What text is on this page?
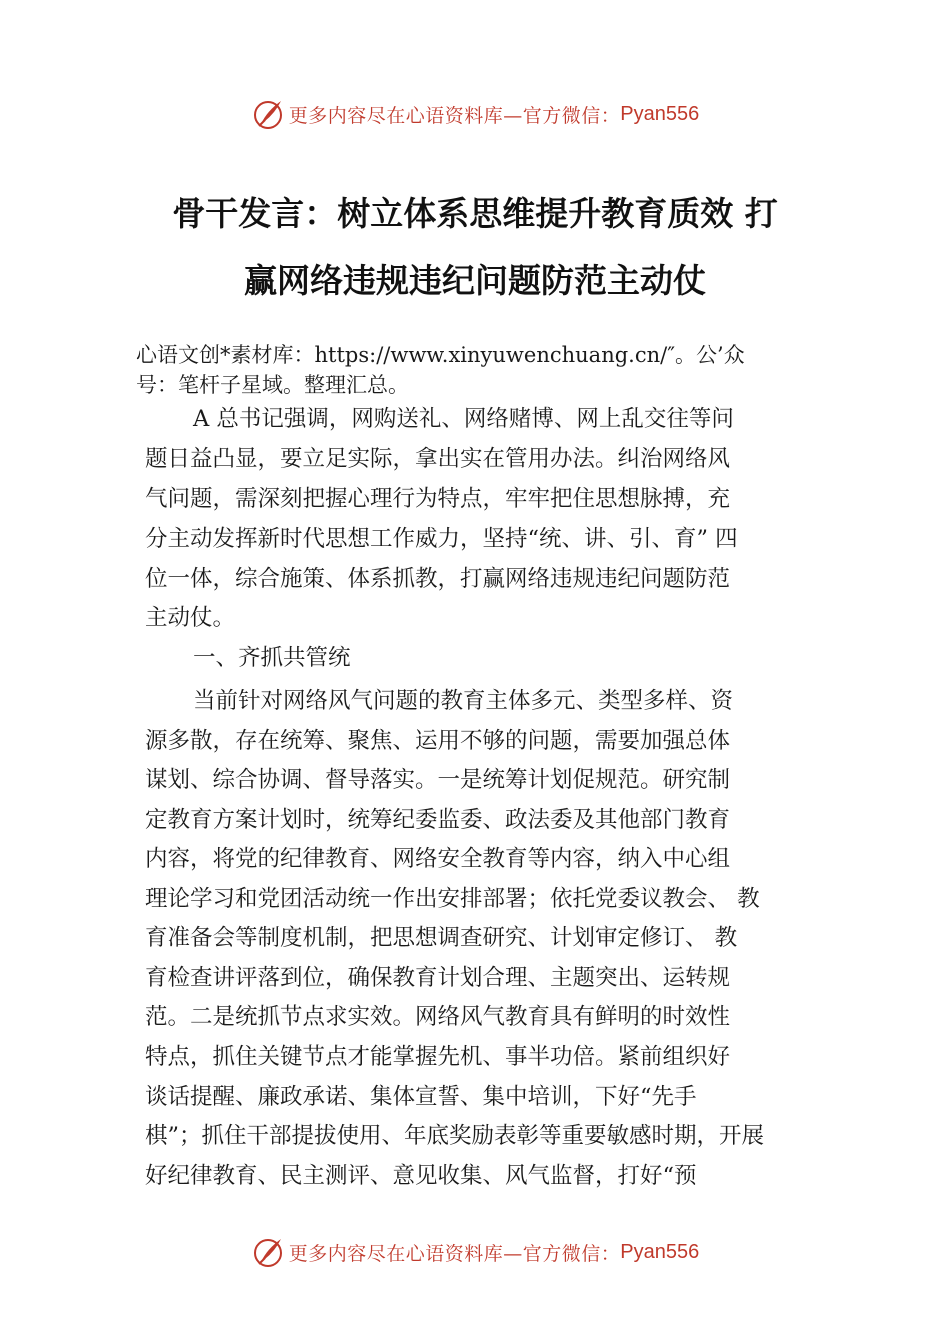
更多内容尽在心语资料库—官方微信： Pyan556
骨干发言：树立体系思维提升教育质效 打
赢网络违规违纪问题防范主动仗
心语文创*素材库：https://www.xinyuwenchuang.cn/″。公’众
号：笔杆子星域。整理汇总。
A 总书记强调，网购送礼、网络赌博、网上乱交往等问
题日益凸显，要立足实际，拿出实在管用办法。纠治网络风
气问题，需深刻把握心理行为特点，牢牢把住思想脉搏，充
分主动发挥新时代思想工作威力，坚持“统、讲、引、育” 四
位一体，综合施策、体系抓教，打赢网络违规违纪问题防范
主动仗。
一、齐抓共管统
当前针对网络风气问题的教育主体多元、类型多样、资
源多散，存在统筹、聚焦、运用不够的问题，需要加强总体
谋划、综合协调、督导落实。一是统筹计划促规范。研究制
定教育方案计划时，统筹纪委监委、政法委及其他部门教育
内容，将党的纪律教育、网络安全教育等内容，纳入中心组
理论学习和党团活动统一作出安排部署；依托党委议教会、 教
育准备会等制度机制，把思想调查研究、计划审定修订、 教
育检查讲评落到位，确保教育计划合理、主题突出、运转规
范。二是统抓节点求实效。网络风气教育具有鲜明的时效性
特点，抓住关键节点才能掌握先机、事半功倍。紧前组织好
谈话提醒、廉政承诺、集体宣誓、集中培训，下好“先手
棋”；抓住干部提拔使用、年底奖励表彰等重要敏感时期，开展
好纪律教育、民主测评、意见收集、风气监督，打好“预
更多内容尽在心语资料库—官方微信： Pyan556
